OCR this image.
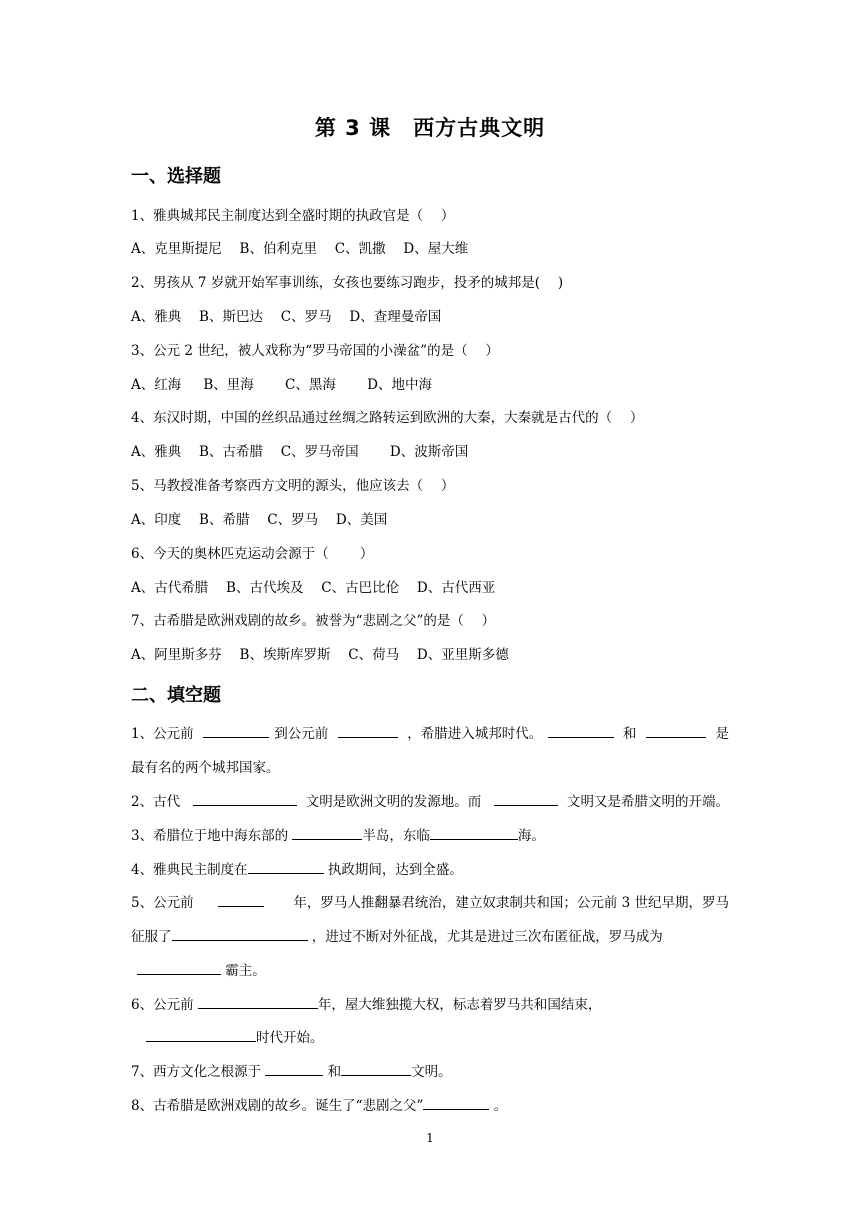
第 3 课　西方古典文明
一、选择题
1、雅典城邦民主制度达到全盛时期的执政官是（　 ）
A、克里斯提尼　 B、伯利克里　 C、凯撒　 D、屋大维
2、男孩从 7 岁就开始军事训练，女孩也要练习跑步，投矛的城邦是(　 )
A、雅典　 B、斯巴达　 C、罗马　 D、查理曼帝国
3、公元 2 世纪，被人戏称为“罗马帝国的小澡盆”的是（　 ）
A、红海　  B、里海　　 C、黑海　　 D、地中海
4、东汉时期，中国的丝织品通过丝绸之路转运到欧洲的大秦，大秦就是古代的（　 ）
A、雅典　 B、古希腊　 C、罗马帝国　　 D、波斯帝国
5、马教授准备考察西方文明的源头，他应该去（　 ）
A、印度　 B、希腊　 C、罗马　 D、美国
6、今天的奥林匹克运动会源于（　　 ）
A、古代希腊　 B、古代埃及　 C、古巴比伦　 D、古代西亚
7、古希腊是欧洲戏剧的故乡。被誉为“悲剧之父”的是（　 ）
A、阿里斯多芬　 B、埃斯库罗斯　 C、荷马　 D、亚里斯多德
二、填空题
1、公元前	到公元前	，希腊进入城邦时代。	和	是
最有名的两个城邦国家。
2、古代	文明是欧洲文明的发源地。而	文明又是希腊文明的开端。
3、希腊位于地中海东部的	半岛，东临	海。
4、雅典民主制度在	执政期间，达到全盛。
5、公元前	年，罗马人推翻暴君统治，建立奴隶制共和国；公元前 3 世纪早期，罗马
征服了	，进过不断对外征战，尤其是进过三次布匿征战，罗马成为
霸主。
6、公元前	年，屋大维独揽大权，标志着罗马共和国结束，
时代开始。
7、西方文化之根源于	和	文明。
8、古希腊是欧洲戏剧的故乡。诞生了“悲剧之父”	。
1
